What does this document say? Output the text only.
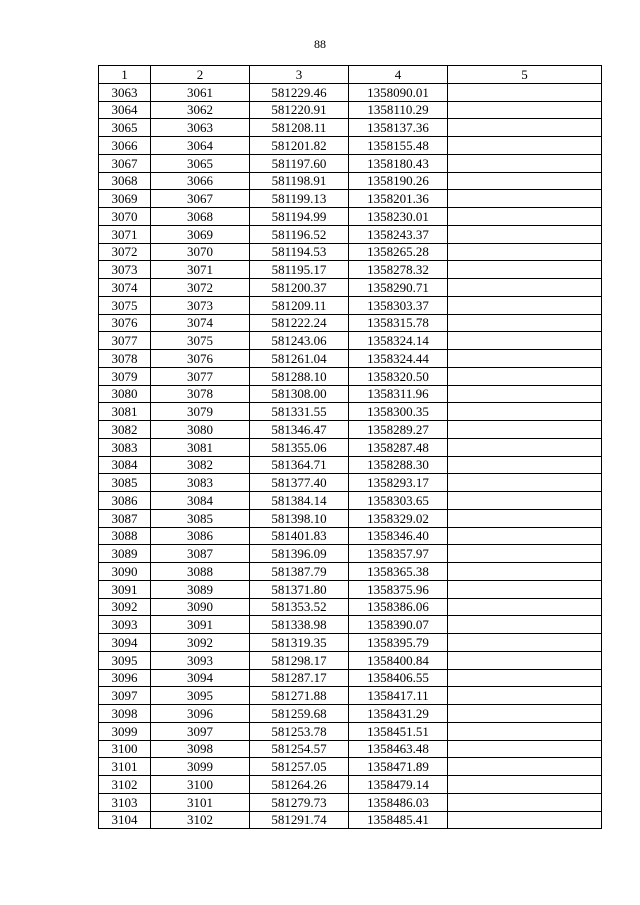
88
1	2	3	4	5
3063	3061	581229.46	1358090.01	
3064	3062	581220.91	1358110.29	
3065	3063	581208.11	1358137.36	
3066	3064	581201.82	1358155.48	
3067	3065	581197.60	1358180.43	
3068	3066	581198.91	1358190.26	
3069	3067	581199.13	1358201.36	
3070	3068	581194.99	1358230.01	
3071	3069	581196.52	1358243.37	
3072	3070	581194.53	1358265.28	
3073	3071	581195.17	1358278.32	
3074	3072	581200.37	1358290.71	
3075	3073	581209.11	1358303.37	
3076	3074	581222.24	1358315.78	
3077	3075	581243.06	1358324.14	
3078	3076	581261.04	1358324.44	
3079	3077	581288.10	1358320.50	
3080	3078	581308.00	1358311.96	
3081	3079	581331.55	1358300.35	
3082	3080	581346.47	1358289.27	
3083	3081	581355.06	1358287.48	
3084	3082	581364.71	1358288.30	
3085	3083	581377.40	1358293.17	
3086	3084	581384.14	1358303.65	
3087	3085	581398.10	1358329.02	
3088	3086	581401.83	1358346.40	
3089	3087	581396.09	1358357.97	
3090	3088	581387.79	1358365.38	
3091	3089	581371.80	1358375.96	
3092	3090	581353.52	1358386.06	
3093	3091	581338.98	1358390.07	
3094	3092	581319.35	1358395.79	
3095	3093	581298.17	1358400.84	
3096	3094	581287.17	1358406.55	
3097	3095	581271.88	1358417.11	
3098	3096	581259.68	1358431.29	
3099	3097	581253.78	1358451.51	
3100	3098	581254.57	1358463.48	
3101	3099	581257.05	1358471.89	
3102	3100	581264.26	1358479.14	
3103	3101	581279.73	1358486.03	
3104	3102	581291.74	1358485.41	
